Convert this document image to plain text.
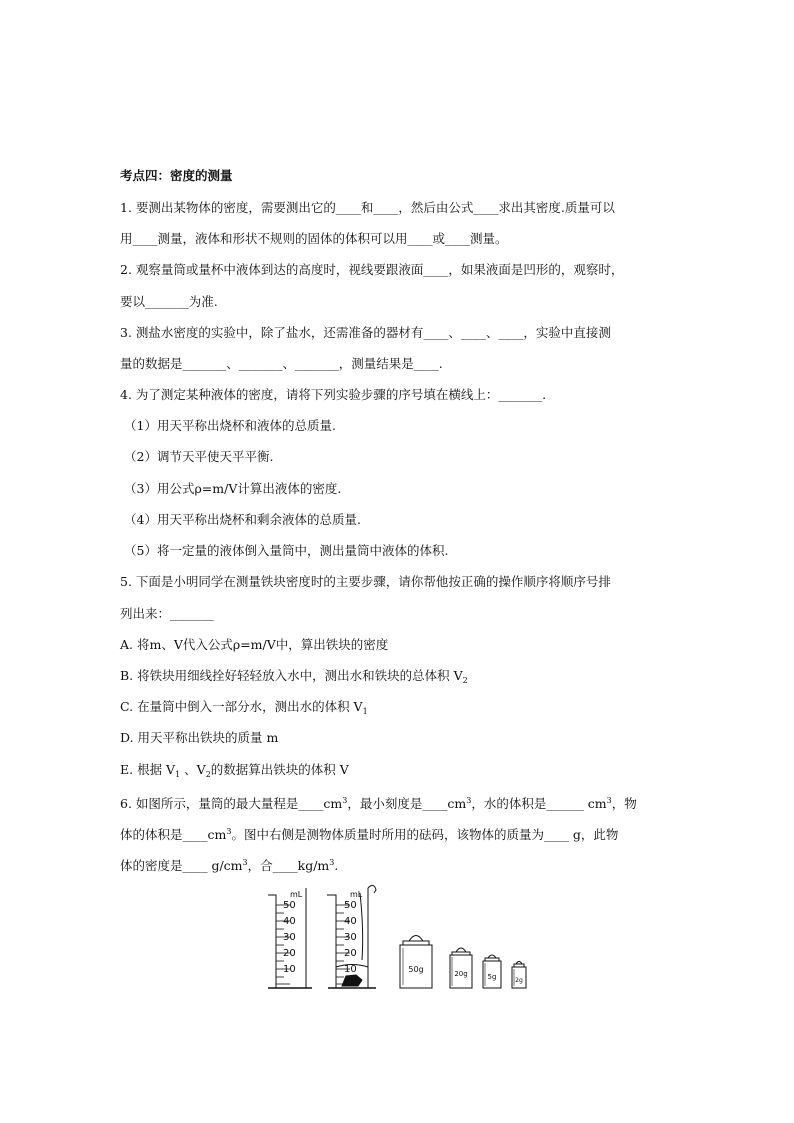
考点四：密度的测量
1. 要测出某物体的密度，需要测出它的____和____，然后由公式____求出其密度.质量可以
用____测量，液体和形状不规则的固体的体积可以用____或____测量。
2. 观察量筒或量杯中液体到达的高度时，视线要跟液面____，如果液面是凹形的，观察时，
要以_______为准.
3. 测盐水密度的实验中，除了盐水，还需准备的器材有____、____、____，实验中直接测
量的数据是_______、_______、_______，测量结果是____.
4. 为了测定某种液体的密度，请将下列实验步骤的序号填在横线上：_______.
（1）用天平称出烧杯和液体的总质量.
（2）调节天平使天平平衡.
（3）用公式ρ=m/V计算出液体的密度.
（4）用天平称出烧杯和剩余液体的总质量.
（5）将一定量的液体倒入量筒中，测出量筒中液体的体积.
5. 下面是小明同学在测量铁块密度时的主要步骤，请你帮他按正确的操作顺序将顺序号排
列出来：_______
A. 将m、V代入公式ρ=m/V中，算出铁块的密度
B. 将铁块用细线拴好轻轻放入水中，测出水和铁块的总体积 $V_2$
C. 在量筒中倒入一部分水，测出水的体积 $V_1$
D. 用天平称出铁块的质量 m
E. 根据 $V_1$ 、$V_2$的数据算出铁块的体积 V
6. 如图所示，量筒的最大量程是$\_\_\_\_cm^3$，最小刻度是$\_\_\_\_cm^3$，水的体积是______ $cm^3$，物
体的体积是$\_\_\_\_cm^3$。图中右侧是测物体质量时所用的砝码，该物体的质量为____ g，此物
体的密度是____ $g/cm^3$，合$\_\_\_\_kg/m^3$.
mL
50
40
30
20
10
mL
50
40
30
20
10	50g	20g	5g	2g
